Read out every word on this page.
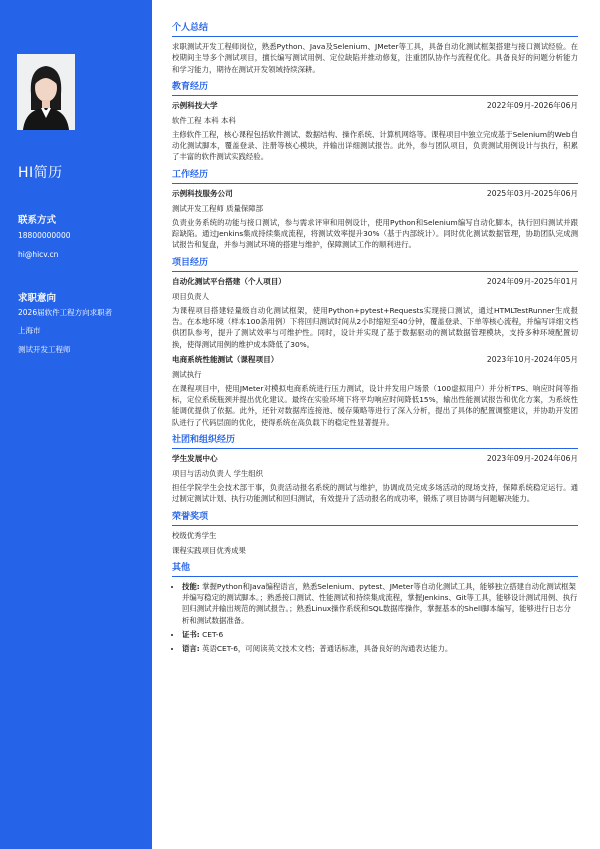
HI简历
联系方式
18800000000
hi@hicv.cn
求职意向
2026届软件工程方向求职者
上海市
测试开发工程师
个人总结

求职测试开发工程师岗位，熟悉Python、Java及Selenium、JMeter等工具，具备自动化测试框架搭建与接口测试经验。在校期间主导多个测试项目，擅长编写测试用例、定位缺陷并推动修复，注重团队协作与流程优化。具备良好的问题分析能力和学习能力，期待在测试开发领域持续深耕。

教育经历
示例科技大学	2022年09月-2026年06月
软件工程 本科 本科

主修软件工程，核心课程包括软件测试、数据结构、操作系统、计算机网络等。课程项目中独立完成基于Selenium的Web自动化测试脚本，覆盖登录、注册等核心模块，并输出详细测试报告。此外，参与团队项目，负责测试用例设计与执行，积累了丰富的软件测试实践经验。

工作经历
示例科技服务公司	2025年03月-2025年06月
测试开发工程师 质量保障部

负责业务系统的功能与接口测试，参与需求评审和用例设计，使用Python和Selenium编写自动化脚本，执行回归测试并跟踪缺陷。通过Jenkins集成持续集成流程，将测试效率提升30%（基于内部统计）。同时优化测试数据管理，协助团队完成测试报告和复盘，并参与测试环境的搭建与维护，保障测试工作的顺利进行。

项目经历
自动化测试平台搭建（个人项目）	2024年09月-2025年01月
项目负责人

为课程项目搭建轻量级自动化测试框架，使用Python+pytest+Requests实现接口测试，通过HTMLTestRunner生成报告。在本地环境（样本100条用例）下将回归测试时间从2小时缩短至40分钟，覆盖登录、下单等核心流程，并编写详细文档供团队参考，提升了测试效率与可维护性。同时，设计并实现了基于数据驱动的测试数据管理模块，支持多种环境配置切换，使得测试用例的维护成本降低了30%。

电商系统性能测试（课程项目）	2023年10月-2024年05月
测试执行

在课程项目中，使用JMeter对模拟电商系统进行压力测试，设计并发用户场景（100虚拟用户）并分析TPS、响应时间等指标，定位系统瓶颈并提出优化建议。最终在实验环境下将平均响应时间降低15%，输出性能测试报告和优化方案，为系统性能调优提供了依据。此外，还针对数据库连接池、缓存策略等进行了深入分析，提出了具体的配置调整建议，并协助开发团队进行了代码层面的优化，使得系统在高负载下的稳定性显著提升。

社团和组织经历
学生发展中心	2023年09月-2024年06月
项目与活动负责人 学生组织

担任学院学生会技术部干事，负责活动报名系统的测试与维护，协调成员完成多场活动的现场支持，保障系统稳定运行。通过制定测试计划、执行功能测试和回归测试，有效提升了活动报名的成功率，锻炼了项目协调与问题解决能力。

荣誉奖项
校级优秀学生
课程实践项目优秀成果
其他
• 技能: 掌握Python和Java编程语言，熟悉Selenium、pytest、JMeter等自动化测试工具，能够独立搭建自动化测试框架并编写稳定的测试脚本。；熟悉接口测试、性能测试和持续集成流程，掌握Jenkins、Git等工具，能够设计测试用例、执行回归测试并输出规范的测试报告。；熟悉Linux操作系统和SQL数据库操作，掌握基本的Shell脚本编写，能够进行日志分析和测试数据准备。
• 证书: CET-6
• 语言: 英语CET-6，可阅读英文技术文档；普通话标准，具备良好的沟通表达能力。
